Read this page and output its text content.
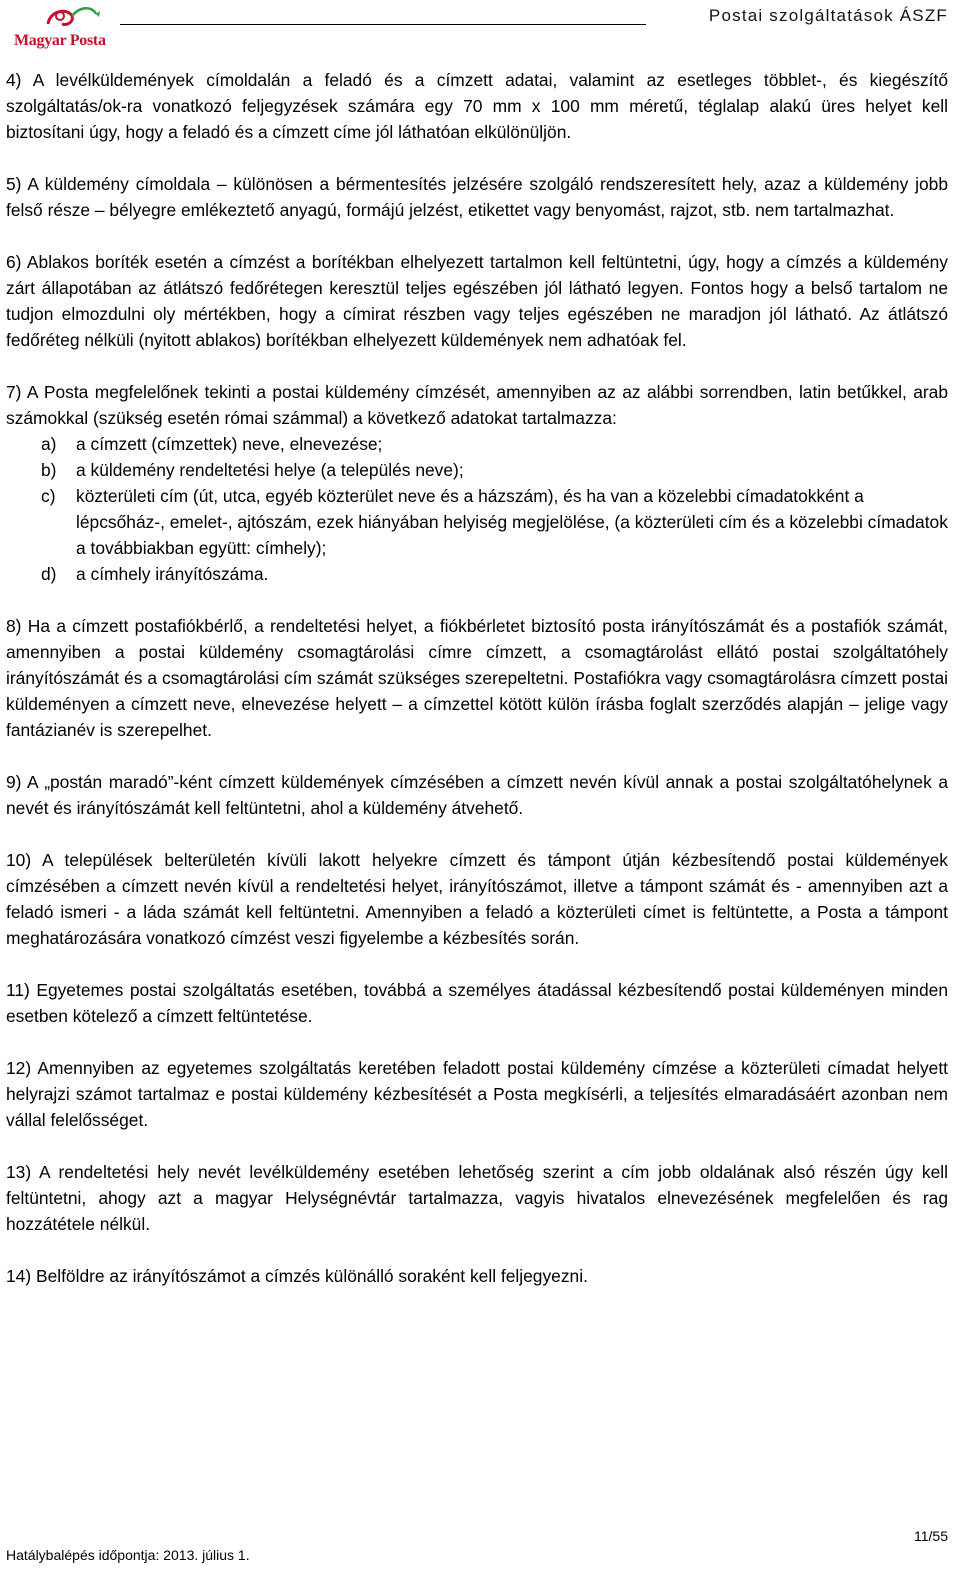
Magyar Posta
Postai szolgáltatások ÁSZF

4) A levélküldemények címoldalán a feladó és a címzett adatai, valamint az esetleges többlet-, és kiegészítő szolgáltatás/ok-ra vonatkozó feljegyzések számára egy 70 mm x 100 mm méretű, téglalap alakú üres helyet kell biztosítani úgy, hogy a feladó és a címzett címe jól láthatóan elkülönüljön.

5) A küldemény címoldala – különösen a bérmentesítés jelzésére szolgáló rendszeresített hely, azaz a küldemény jobb felső része – bélyegre emlékeztető anyagú, formájú jelzést, etikettet vagy benyomást, rajzot, stb. nem tartalmazhat.

6) Ablakos boríték esetén a címzést a borítékban elhelyezett tartalmon kell feltüntetni, úgy, hogy a címzés a küldemény zárt állapotában az átlátszó fedőrétegen keresztül teljes egészében jól látható legyen. Fontos hogy a belső tartalom ne tudjon elmozdulni oly mértékben, hogy a címirat részben vagy teljes egészében ne maradjon jól látható. Az átlátszó fedőréteg nélküli (nyitott ablakos) borítékban elhelyezett küldemények nem adhatóak fel.

7) A Posta megfelelőnek tekinti a postai küldemény címzését, amennyiben az az alábbi sorrendben, latin betűkkel, arab számokkal (szükség esetén római számmal) a következő adatokat tartalmazza:

a) a címzett (címzettek) neve, elnevezése;
b) a küldemény rendeltetési helye (a település neve);
c) közterületi cím (út, utca, egyéb közterület neve és a házszám), és ha van a közelebbi címadatokként a lépcsőház-, emelet-, ajtószám, ezek hiányában helyiség megjelölése, (a közterületi cím és a közelebbi címadatok a továbbiakban együtt: címhely);
d) a címhely irányítószáma.

8) Ha a címzett postafiókbérlő, a rendeltetési helyet, a fiókbérletet biztosító posta irányítószámát és a postafiók számát, amennyiben a postai küldemény csomagtárolási címre címzett, a csomagtárolást ellátó postai szolgáltatóhely irányítószámát és a csomagtárolási cím számát szükséges szerepeltetni. Postafiókra vagy csomagtárolásra címzett postai küldeményen a címzett neve, elnevezése helyett – a címzettel kötött külön írásba foglalt szerződés alapján – jelige vagy fantázianév is szerepelhet.

9) A „postán maradó”-ként címzett küldemények címzésében a címzett nevén kívül annak a postai szolgáltatóhelynek a nevét és irányítószámát kell feltüntetni, ahol a küldemény átvehető.

10) A települések belterületén kívüli lakott helyekre címzett és támpont útján kézbesítendő postai küldemények címzésében a címzett nevén kívül a rendeltetési helyet, irányítószámot, illetve a támpont számát és - amennyiben azt a feladó ismeri - a láda számát kell feltüntetni. Amennyiben a feladó a közterületi címet is feltüntette, a Posta a támpont meghatározására vonatkozó címzést veszi figyelembe a kézbesítés során.

11) Egyetemes postai szolgáltatás esetében, továbbá a személyes átadással kézbesítendő postai küldeményen minden esetben kötelező a címzett feltüntetése.

12) Amennyiben az egyetemes szolgáltatás keretében feladott postai küldemény címzése a közterületi címadat helyett helyrajzi számot tartalmaz e postai küldemény kézbesítését a Posta megkísérli, a teljesítés elmaradásáért azonban nem vállal felelősséget.

13) A rendeltetési hely nevét levélküldemény esetében lehetőség szerint a cím jobb oldalának alsó részén úgy kell feltüntetni, ahogy azt a magyar Helységnévtár tartalmazza, vagyis hivatalos elnevezésének megfelelően és rag hozzátétele nélkül.

14) Belföldre az irányítószámot a címzés különálló soraként kell feljegyezni.

11/55
Hatálybalépés időpontja: 2013. július 1.
